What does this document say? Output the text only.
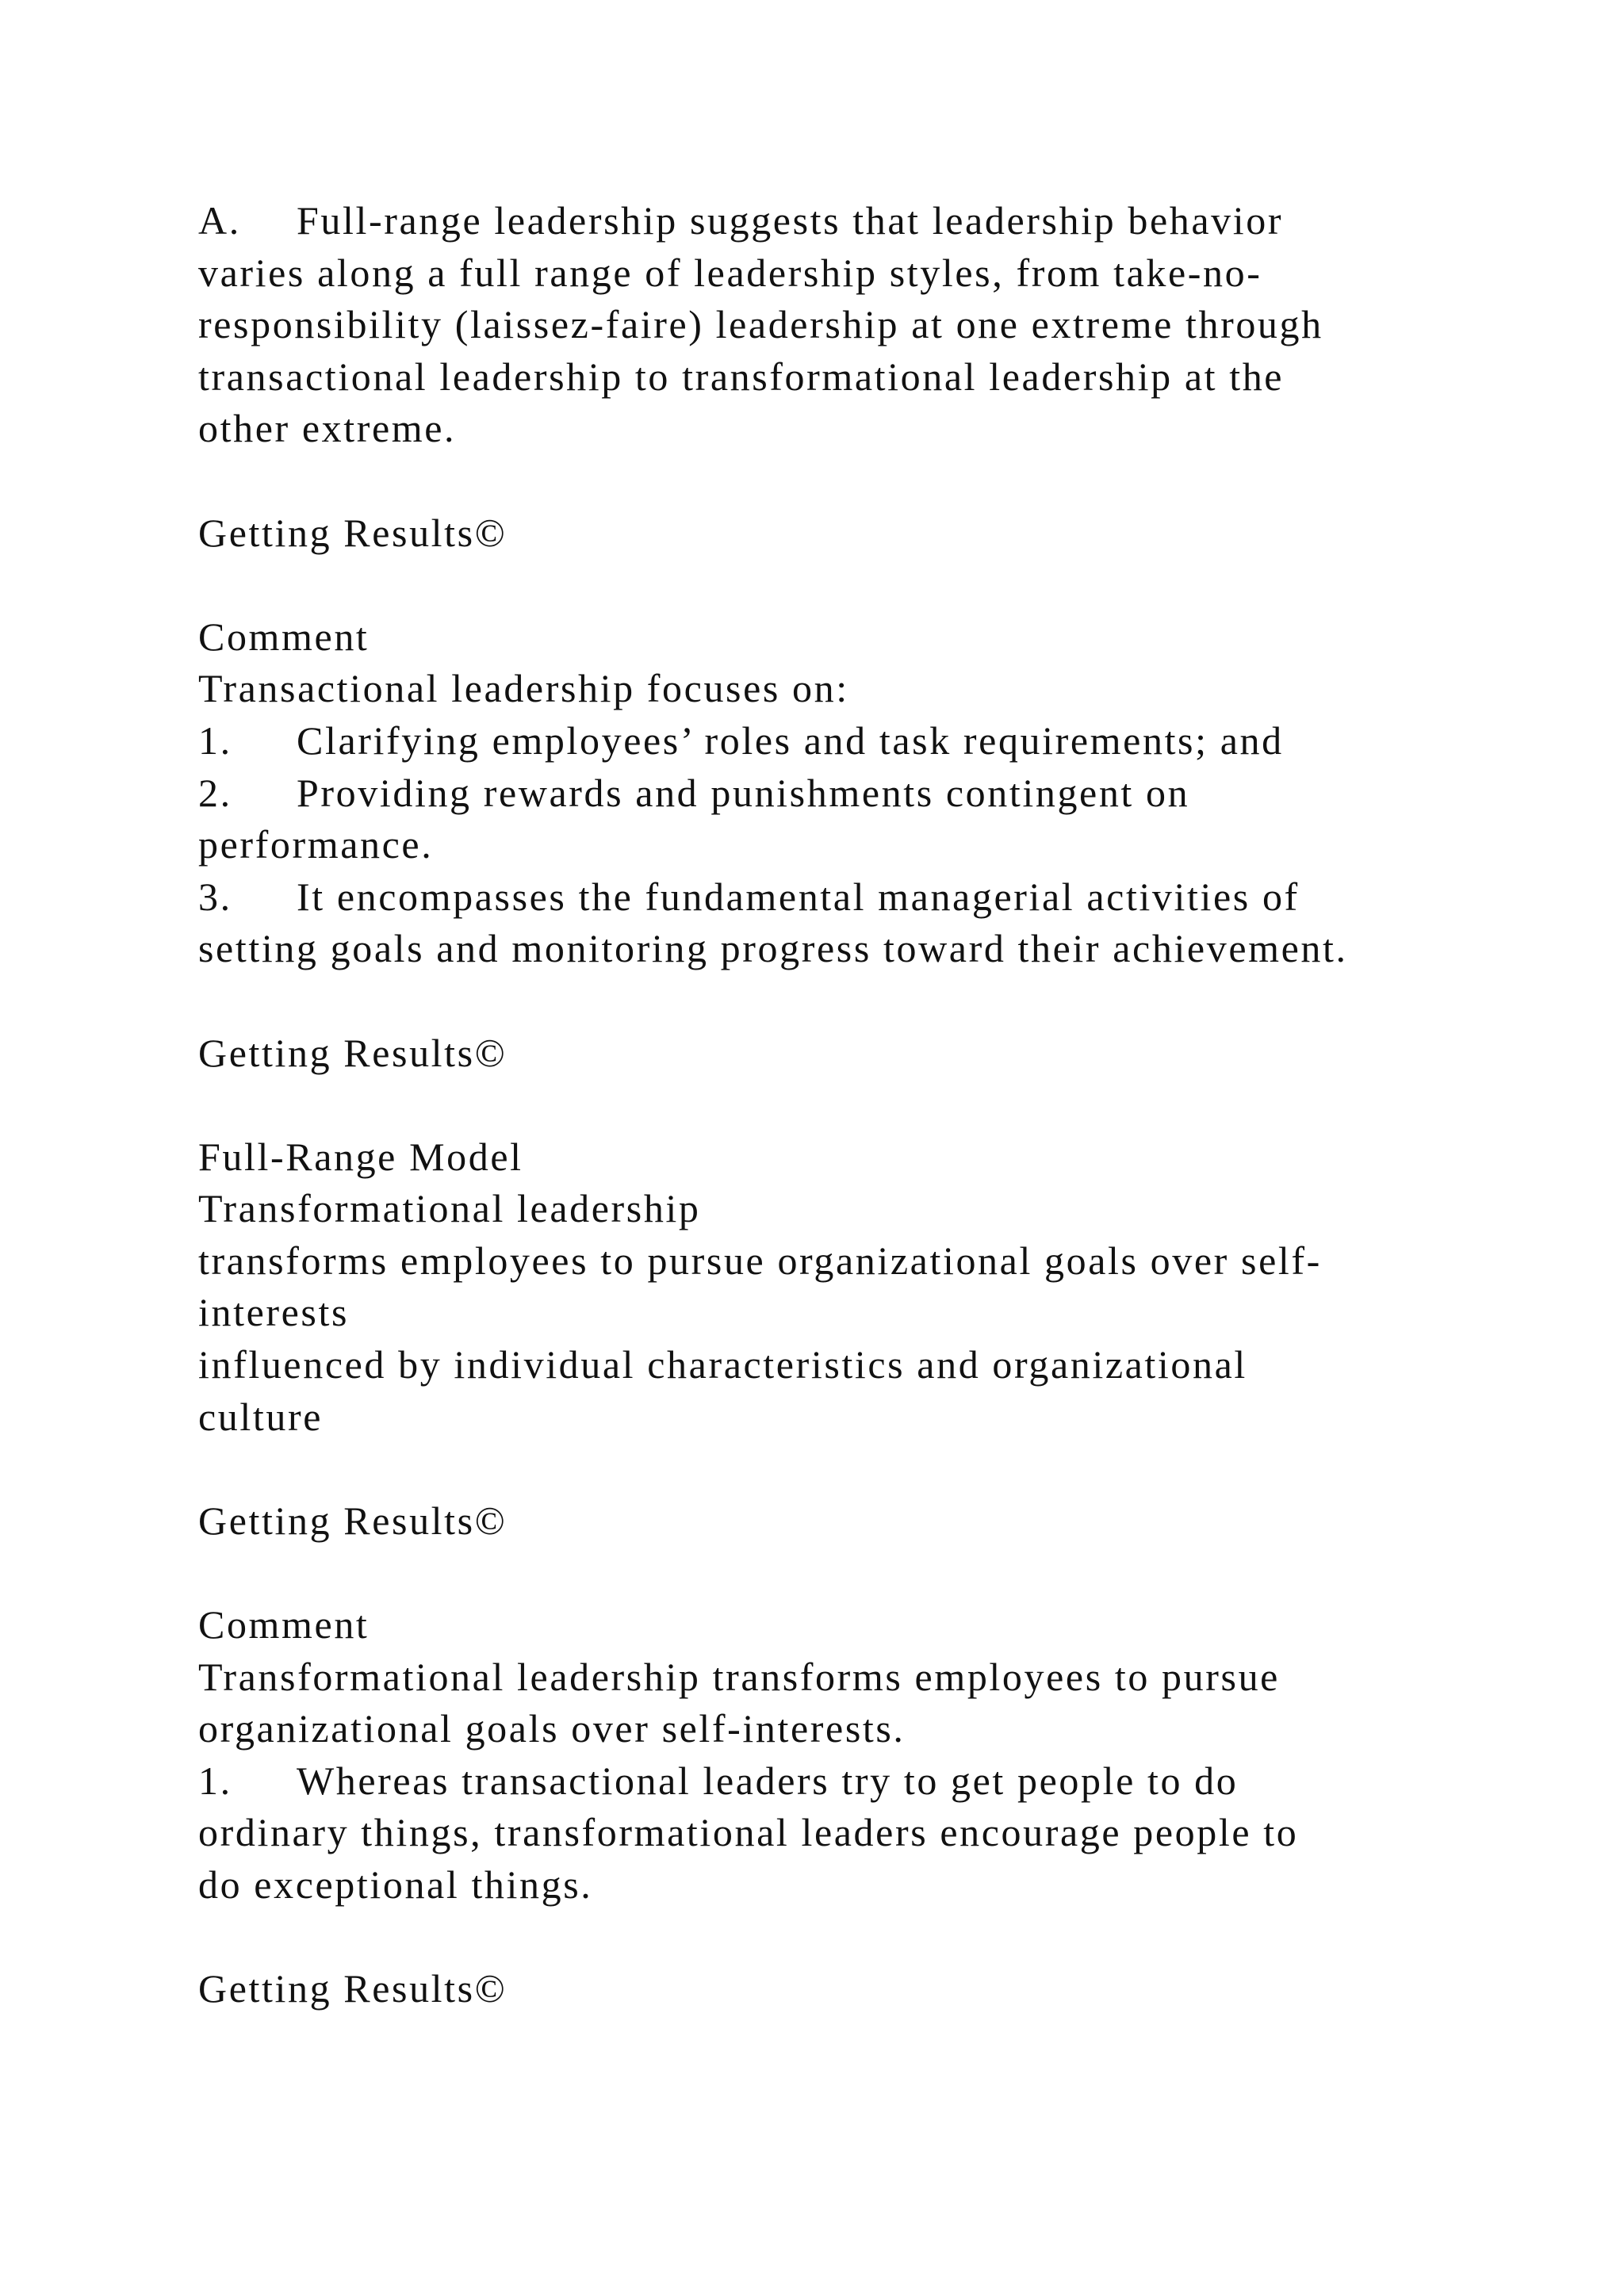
A. Full-range leadership suggests that leadership behavior
varies along a full range of leadership styles, from take-no-
responsibility (laissez-faire) leadership at one extreme through
transactional leadership to transformational leadership at the
other extreme.
Getting Results©
Comment
Transactional leadership focuses on:
1. Clarifying employees’ roles and task requirements; and
2. Providing rewards and punishments contingent on
performance.
3. It encompasses the fundamental managerial activities of
setting goals and monitoring progress toward their achievement.
Getting Results©
Full-Range Model
Transformational leadership
transforms employees to pursue organizational goals over self-
interests
influenced by individual characteristics and organizational
culture
Getting Results©
Comment
Transformational leadership transforms employees to pursue
organizational goals over self-interests.
1. Whereas transactional leaders try to get people to do
ordinary things, transformational leaders encourage people to
do exceptional things.
Getting Results©
